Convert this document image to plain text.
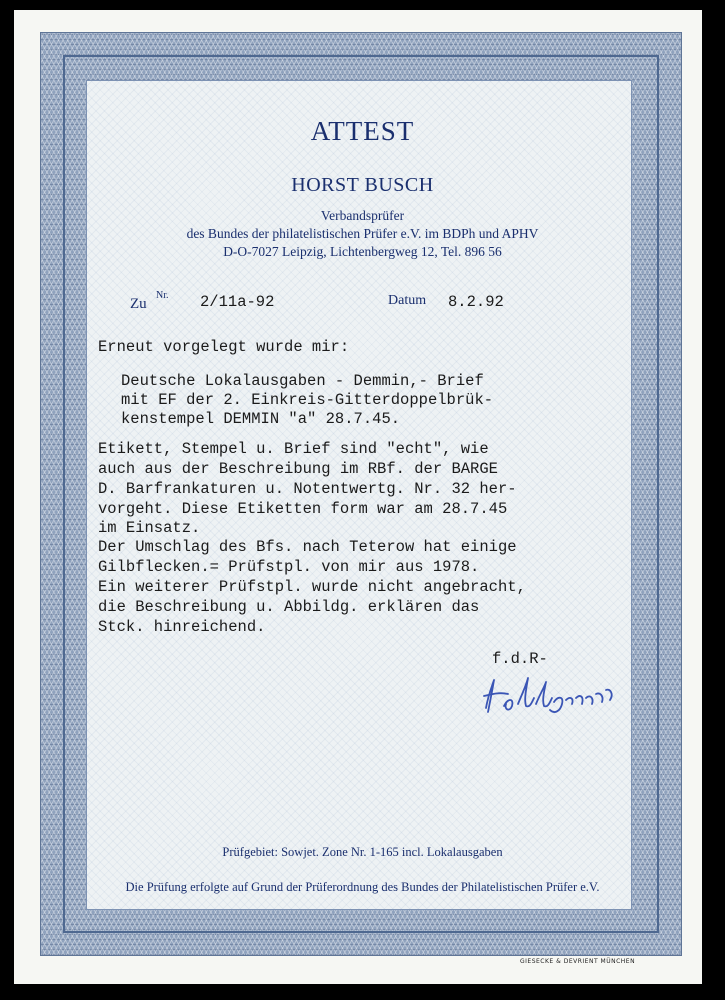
ATTEST
HORST BUSCH
Verbandsprüfer
des Bundes der philatelistischen Prüfer e.V. im BDPh und APHV
D-O-7027 Leipzig, Lichtenbergweg 12, Tel. 896 56
Zu
Nr. 2/11a-92	Datum 8.2.92
Erneut vorgelegt wurde mir:
Deutsche Lokalausgaben - Demmin,- Brief
mit EF der 2. Einkreis-Gitterdoppelbrük-
kenstempel DEMMIN "a" 28.7.45.
Etikett, Stempel u. Brief sind "echt", wie
auch aus der Beschreibung im RBf. der BARGE
D. Barfrankaturen u. Notentwertg. Nr. 32 her-
vorgeht. Diese Etiketten form war am 28.7.45
im Einsatz.
Der Umschlag des Bfs. nach Teterow hat einige
Gilbflecken.= Prüfstpl. von mir aus 1978.
Ein weiterer Prüfstpl. wurde nicht angebracht,
die Beschreibung u. Abbildg. erklären das
Stck. hinreichend.
f.d.R-
Prüfgebiet: Sowjet. Zone Nr. 1-165 incl. Lokalausgaben
Die Prüfung erfolgte auf Grund der Prüferordnung des Bundes der Philatelistischen Prüfer e.V.
GIESECKE & DEVRIENT MÜNCHEN
